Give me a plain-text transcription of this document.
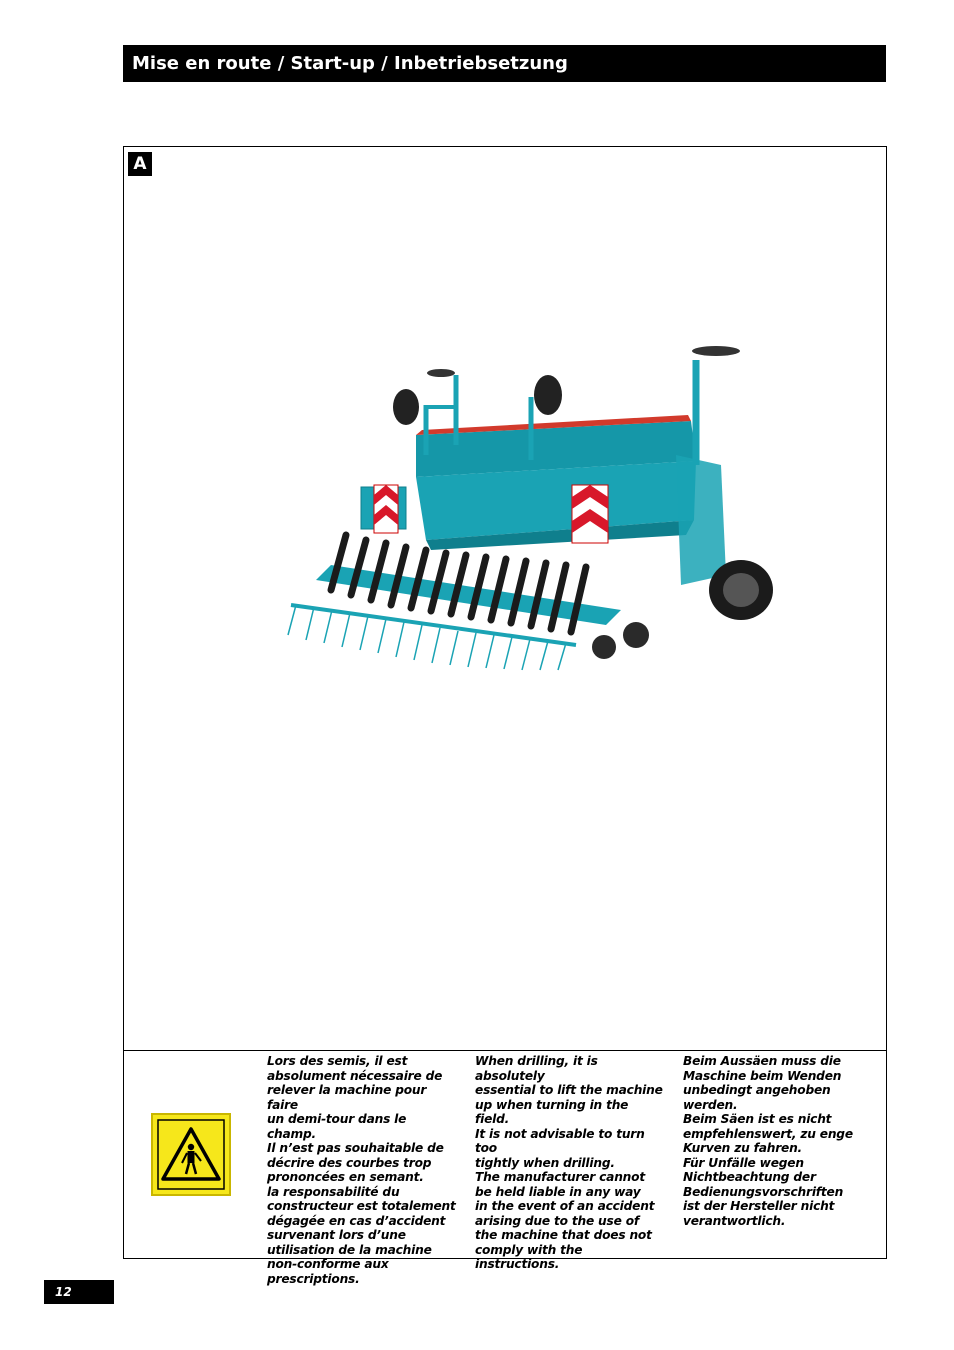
Mise en route / Start-up / Inbetriebsetzung
A
Lors des semis, il est
absolument nécessaire de
relever la machine pour faire
un demi-tour dans le champ.
Il n’est pas souhaitable de
décrire des courbes trop
prononcées en semant.
la responsabilité du
constructeur est totalement
dégagée en cas d’accident
survenant lors d’une
utilisation de la machine
non-conforme aux
prescriptions.
When drilling, it is absolutely
essential to lift the machine
up when turning in the field.
It is not advisable to turn too
tightly when drilling.
The manufacturer cannot
be held liable in any way
in the event of an accident
arising due to the use of
the machine that does not
comply with the instructions.
Beim Aussäen muss die
Maschine beim Wenden
unbedingt angehoben
werden.
Beim Säen ist es nicht
empfehlenswert, zu enge
Kurven zu fahren.
Für Unfälle wegen
Nichtbeachtung der
Bedienungsvorschriften
ist der Hersteller nicht
verantwortlich.
12
